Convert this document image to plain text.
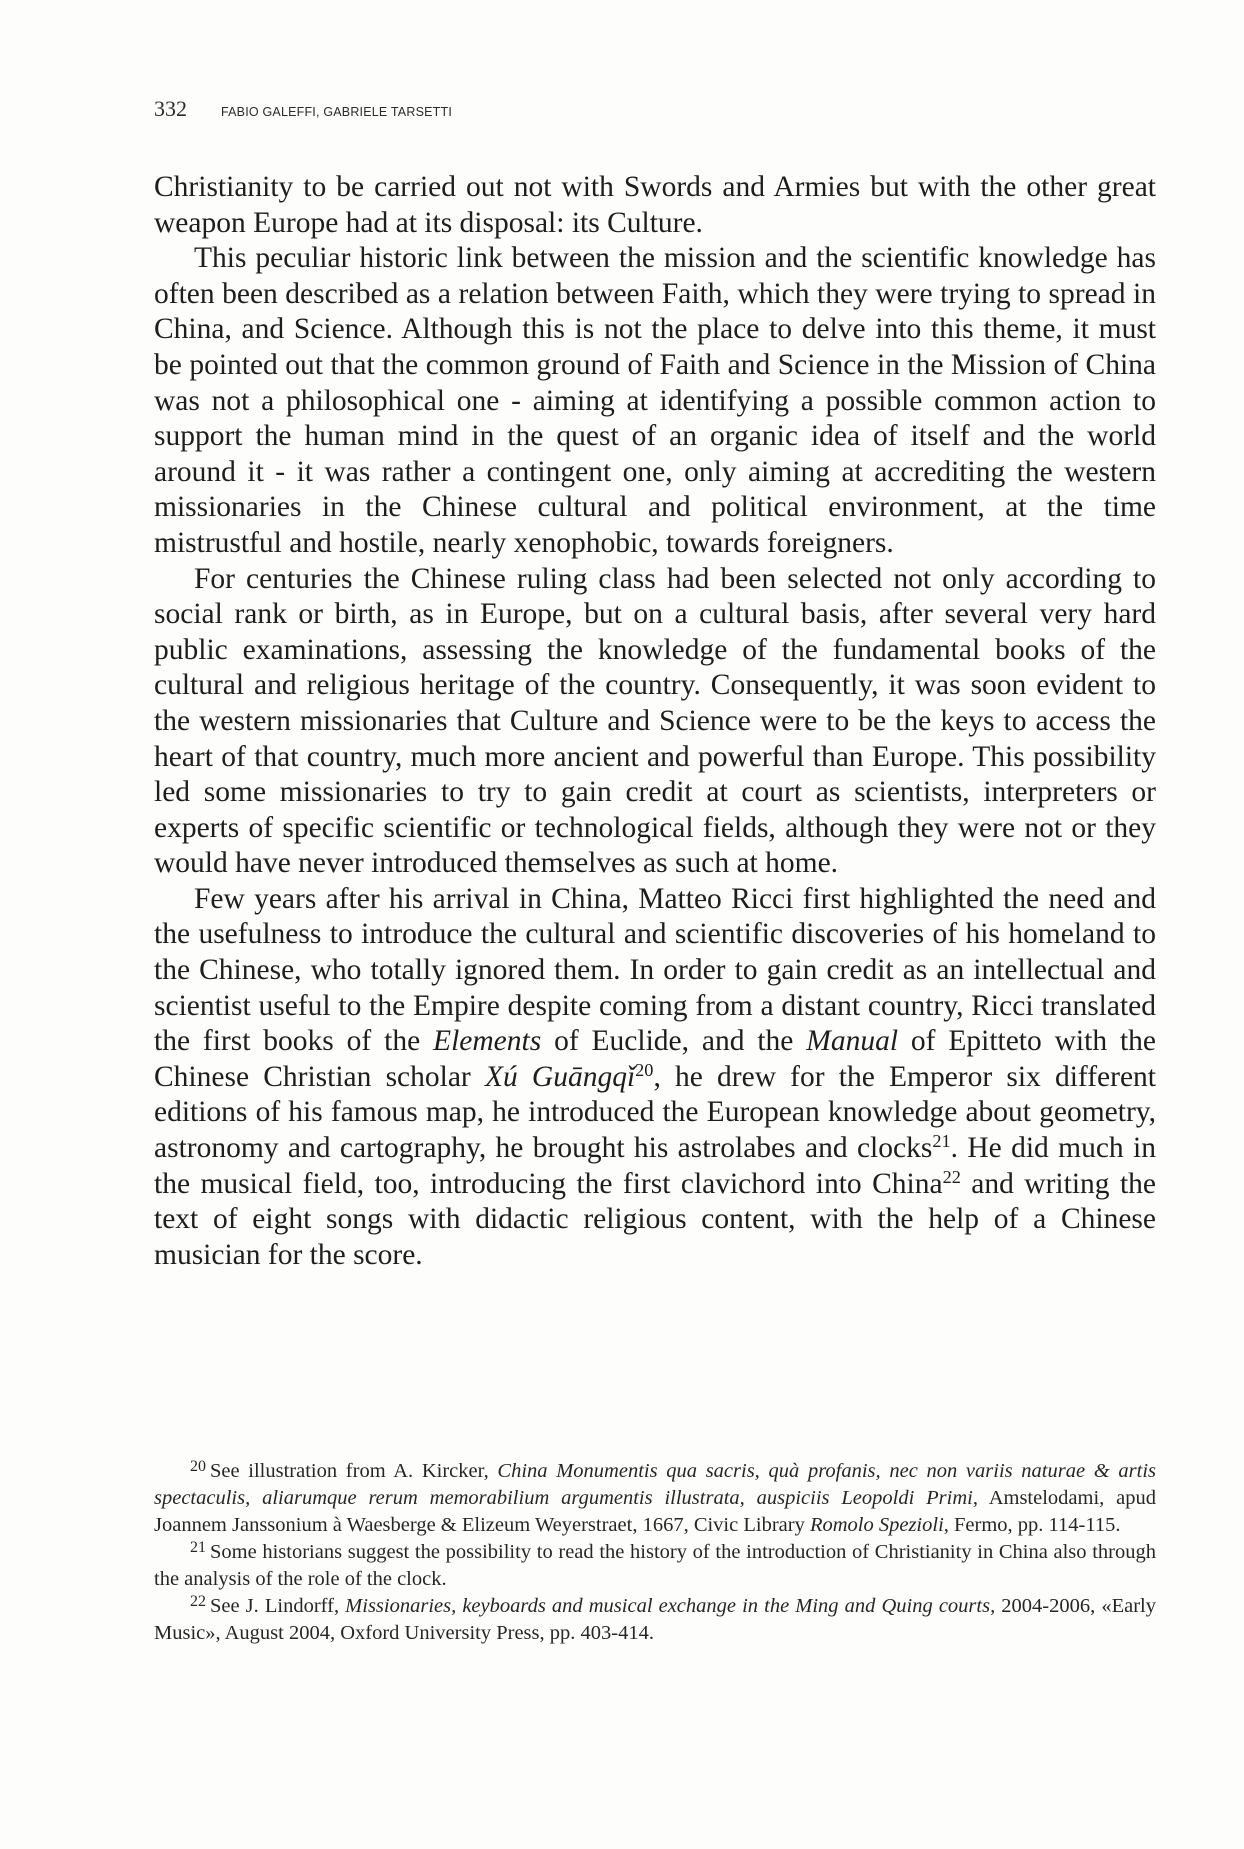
332	FABIO GALEFFI, GABRIELE TARSETTI

Christianity to be carried out not with Swords and Armies but with the other great weapon Europe had at its disposal: its Culture.

This peculiar historic link between the mission and the scientific knowledge has often been described as a relation between Faith, which they were trying to spread in China, and Science. Although this is not the place to delve into this theme, it must be pointed out that the common ground of Faith and Science in the Mission of China was not a philosophical one - aiming at identifying a possible common action to support the human mind in the quest of an organic idea of itself and the world around it - it was rather a contingent one, only aiming at accrediting the western missionaries in the Chinese cultural and political environment, at the time mistrustful and hostile, nearly xenophobic, towards foreigners.

For centuries the Chinese ruling class had been selected not only according to social rank or birth, as in Europe, but on a cultural basis, after several very hard public examinations, assessing the knowledge of the fundamental books of the cultural and religious heritage of the country. Consequently, it was soon evident to the western missionaries that Culture and Science were to be the keys to access the heart of that country, much more ancient and powerful than Europe. This possibility led some missionaries to try to gain credit at court as scientists, interpreters or experts of specific scientific or technological fields, although they were not or they would have never introduced themselves as such at home.

Few years after his arrival in China, Matteo Ricci first highlighted the need and the usefulness to introduce the cultural and scientific discoveries of his homeland to the Chinese, who totally ignored them. In order to gain credit as an intellectual and scientist useful to the Empire despite coming from a distant country, Ricci translated the first books of the Elements of Euclide, and the Manual of Epitteto with the Chinese Christian scholar Xú Guāngqǐ$^{20}$, he drew for the Emperor six different editions of his famous map, he introduced the European knowledge about geometry, astronomy and cartography, he brought his astrolabes and clocks$^{21}$. He did much in the musical field, too, introducing the first clavichord into China$^{22}$ and writing the text of eight songs with didactic religious content, with the help of a Chinese musician for the score.

$^{20}$ See illustration from A. Kircker, China Monumentis qua sacris, quà profanis, nec non variis naturae & artis spectaculis, aliarumque rerum memorabilium argumentis illustrata, auspiciis Leopoldi Primi, Amstelodami, apud Joannem Janssonium à Waesberge & Elizeum Weyerstraet, 1667, Civic Library Romolo Spezioli, Fermo, pp. 114-115.

$^{21}$ Some historians suggest the possibility to read the history of the introduction of Christianity in China also through the analysis of the role of the clock.

$^{22}$ See J. Lindorff, Missionaries, keyboards and musical exchange in the Ming and Quing courts, 2004-2006, «Early Music», August 2004, Oxford University Press, pp. 403-414.
